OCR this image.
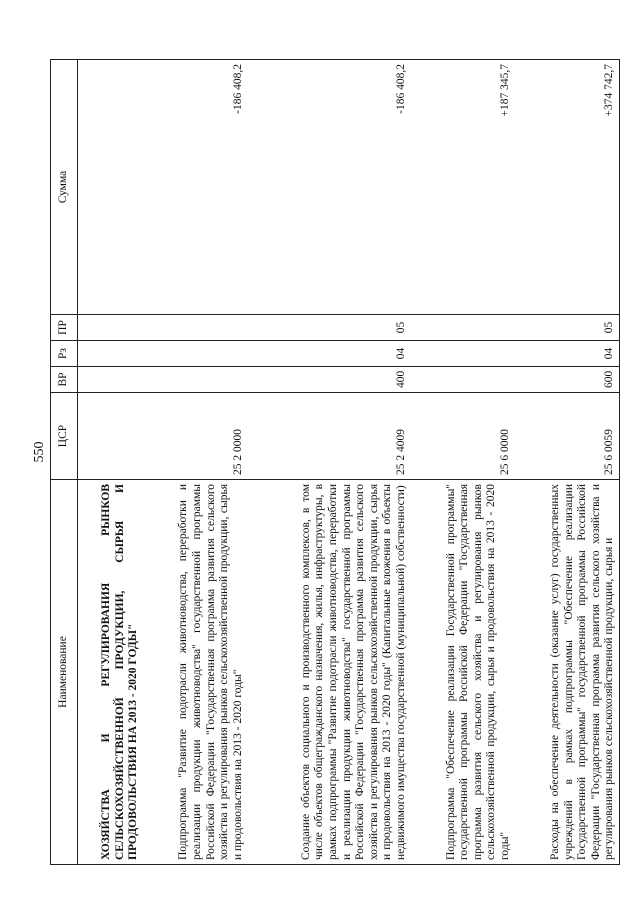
550
Наименование	ЦСР	ВР	Рз	ПР	Сумма
ХОЗЯЙСТВА И РЕГУЛИРОВАНИЯ РЫНКОВ СЕЛЬСКОХОЗЯЙСТВЕННОЙ ПРОДУКЦИИ, СЫРЬЯ И ПРОДОВОЛЬСТВИЯ НА 2013 - 2020 ГОДЫ"					
Подпрограмма "Развитие подотрасли животноводства, переработки и реализации продукции животноводства" государственной программы Российской Федерации "Государственная программа развития сельского хозяйства и регулирования рынков сельскохозяйственной продукции, сырья и продовольствия на 2013 - 2020 годы"	25 2 0000				-186 408,2
Создание объектов социального и производственного комплексов, в том числе объектов общегражданского назначения, жилья, инфраструктуры, в рамках подпрограммы "Развитие подотрасли животноводства, переработки и реализации продукции животноводства" государственной программы Российской Федерации "Государственная программа развития сельского хозяйства и регулирования рынков сельскохозяйственной продукции, сырья и продовольствия на 2013 - 2020 годы" (Капитальные вложения в объекты недвижимого имущества государственной (муниципальной) собственности)	25 2 4009	400	04	05	-186 408,2
Подпрограмма "Обеспечение реализации Государственной программы" государственной программы Российской Федерации "Государственная программа развития сельского хозяйства и регулирования рынков сельскохозяйственной продукции, сырья и продовольствия на 2013 - 2020 годы"	25 6 0000				+187 345,7
Расходы на обеспечение деятельности (оказание услуг) государственных учреждений в рамках подпрограммы "Обеспечение реализации Государственной программы" государственной программы Российской Федерации "Государственная программа развития сельского хозяйства и регулирования рынков сельскохозяйственной продукции, сырья и	25 6 0059	600	04	05	+374 742,7
